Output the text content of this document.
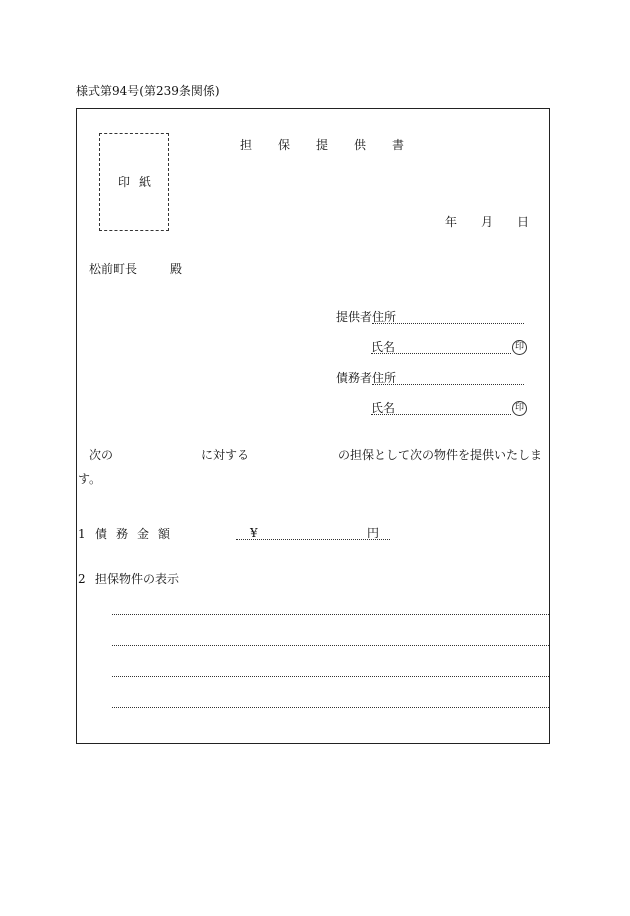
様式第94号(第239条関係)
印紙
担保提供書
年 月 日
松前町長	殿
提供者住所
氏名	印
債務者住所
氏名	印
次の	に対する	の担保として次の物件を提供いたしま
す。
1 債務金額	¥	円
2 担保物件の表示
